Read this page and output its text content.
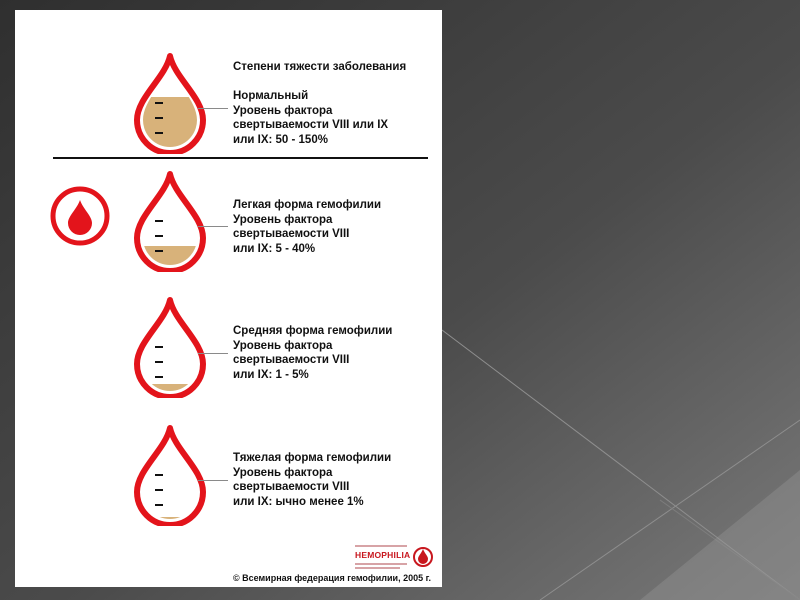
Степени тяжести заболевания
Нормальный
Уровень фактора
свертываемости VIII или IX
или IX: 50 - 150%
Легкая форма гемофилии
Уровень фактора
свертываемости VIII
или IX: 5 - 40%
Средняя форма гемофилии
Уровень фактора
свертываемости VIII
или IX: 1 - 5%
Тяжелая форма гемофилии
Уровень фактора
свертываемости VIII
или IX: ычно менее 1%
HEMOPHILIA
© Всемирная федерация гемофилии, 2005 г.
